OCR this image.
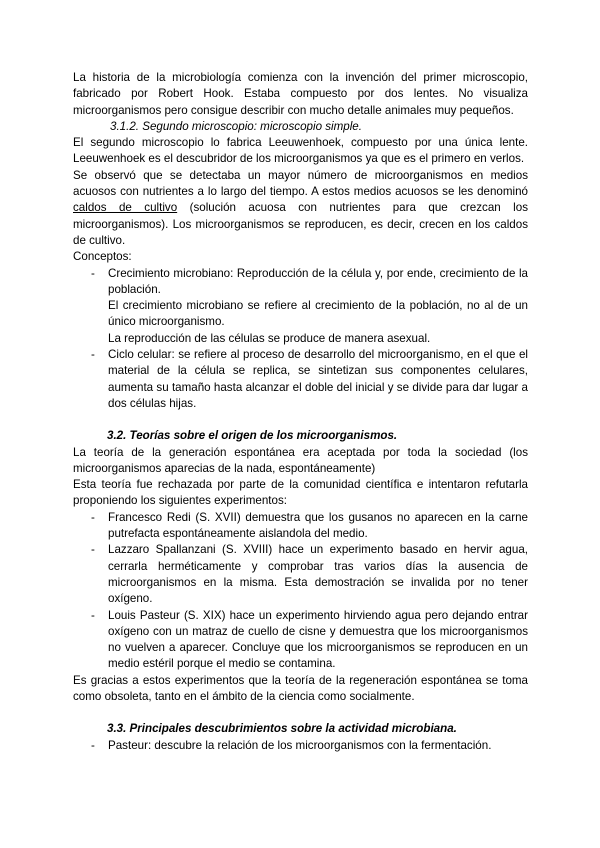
La historia de la microbiología comienza con la invención del primer microscopio, fabricado por Robert Hook. Estaba compuesto por dos lentes. No visualiza microorganismos pero consigue describir con mucho detalle animales muy pequeños.

3.1.2. Segundo microscopio: microscopio simple.

El segundo microscopio lo fabrica Leeuwenhoek, compuesto por una única lente. Leeuwenhoek es el descubridor de los microorganismos ya que es el primero en verlos.

Se observó que se detectaba un mayor número de microorganismos en medios acuosos con nutrientes a lo largo del tiempo. A estos medios acuosos se les denominó caldos de cultivo (solución acuosa con nutrientes para que crezcan los microorganismos). Los microorganismos se reproducen, es decir, crecen en los caldos de cultivo.

Conceptos:

- Crecimiento microbiano: Reproducción de la célula y, por ende, crecimiento de la población.

El crecimiento microbiano se refiere al crecimiento de la población, no al de un único microorganismo.

La reproducción de las células se produce de manera asexual.

- Ciclo celular: se refiere al proceso de desarrollo del microorganismo, en el que el material de la célula se replica, se sintetizan sus componentes celulares, aumenta su tamaño hasta alcanzar el doble del inicial y se divide para dar lugar a dos células hijas.

3.2. Teorías sobre el origen de los microorganismos.

La teoría de la generación espontánea era aceptada por toda la sociedad (los microorganismos aparecias de la nada, espontáneamente)

Esta teoría fue rechazada por parte de la comunidad científica e intentaron refutarla proponiendo los siguientes experimentos:

- Francesco Redi (S. XVII) demuestra que los gusanos no aparecen en la carne putrefacta espontáneamente aislandola del medio.

- Lazzaro Spallanzani (S. XVIII) hace un experimento basado en hervir agua, cerrarla herméticamente y comprobar tras varios días la ausencia de microorganismos en la misma. Esta demostración se invalida por no tener oxígeno.

- Louis Pasteur (S. XIX) hace un experimento hirviendo agua pero dejando entrar oxígeno con un matraz de cuello de cisne y demuestra que los microorganismos no vuelven a aparecer. Concluye que los microorganismos se reproducen en un medio estéril porque el medio se contamina.

Es gracias a estos experimentos que la teoría de la regeneración espontánea se toma como obsoleta, tanto en el ámbito de la ciencia como socialmente.

3.3. Principales descubrimientos sobre la actividad microbiana.

- Pasteur: descubre la relación de los microorganismos con la fermentación.
